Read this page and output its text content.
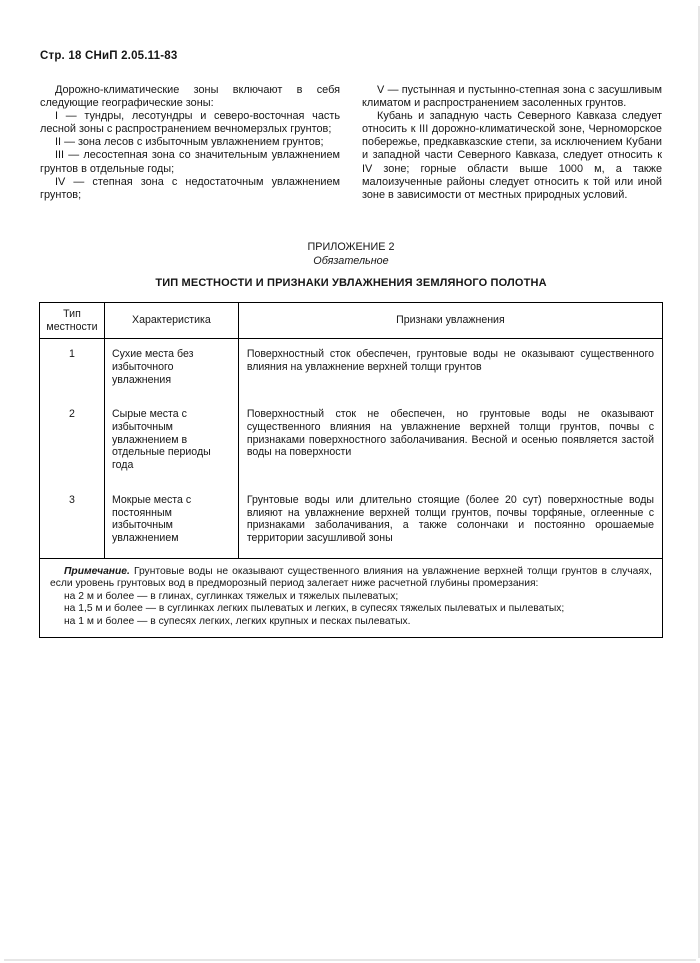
Стр. 18 СНиП 2.05.11-83

Дорожно-климатические зоны включают в себя следующие географические зоны:

I — тундры, лесотундры и северо-восточная часть лесной зоны с распространением вечномерзлых грунтов;

II — зона лесов с избыточным увлажнением грунтов;

III — лесостепная зона со значительным увлажнением грунтов в отдельные годы;

IV — степная зона с недостаточным увлажнением грунтов;

V — пустынная и пустынно-степная зона с засушливым климатом и распространением засоленных грунтов.

Кубань и западную часть Северного Кавказа следует относить к III дорожно-климатической зоне, Черноморское побережье, предкавказские степи, за исключением Кубани и западной части Северного Кавказа, следует относить к IV зоне; горные области выше 1000 м, а также малоизученные районы следует относить к той или иной зоне в зависимости от местных природных условий.

ПРИЛОЖЕНИЕ 2
Обязательное
ТИП МЕСТНОСТИ И ПРИЗНАКИ УВЛАЖНЕНИЯ ЗЕМЛЯНОГО ПОЛОТНА
Тип местности	Характеристика	Признаки увлажнения
1	Сухие места без избыточного увлажнения	Поверхностный сток обеспечен, грунтовые воды не оказывают существенного влияния на увлажнение верхней толщи грунтов
2	Сырые места с избыточным увлажнением в отдельные периоды года	Поверхностный сток не обеспечен, но грунтовые воды не оказывают существенного влияния на увлажнение верхней толщи грунтов, почвы с признаками поверхностного заболачивания. Весной и осенью появляется застой воды на поверхности
3	Мокрые места с постоянным избыточным увлажнением	Грунтовые воды или длительно стоящие (более 20 сут) поверхностные воды влияют на увлажнение верхней толщи грунтов, почвы торфяные, оглеенные с признаками заболачивания, а также солончаки и постоянно орошаемые территории засушливой зоны

Примечание. Грунтовые воды не оказывают существенного влияния на увлажнение верхней толщи грунтов в случаях, если уровень грунтовых вод в предморозный период залегает ниже расчетной глубины промерзания:

на 2 м и более — в глинах, суглинках тяжелых и тяжелых пылеватых;

на 1,5 м и более — в суглинках легких пылеватых и легких, в супесях тяжелых пылеватых и пылеватых;

на 1 м и более — в супесях легких, легких крупных и песках пылеватых.		
